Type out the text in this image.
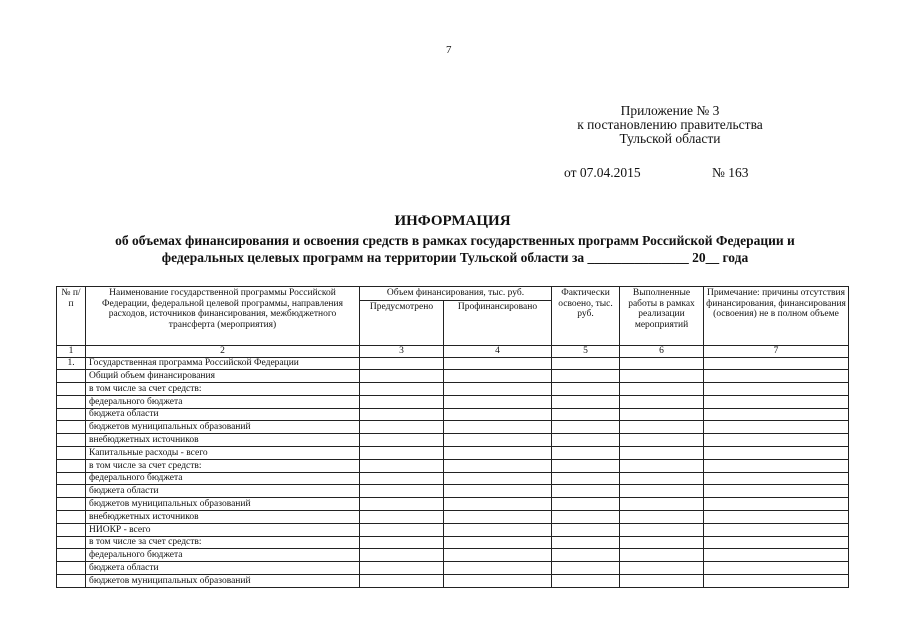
7
Приложение № 3
к постановлению правительства
Тульской области
от 07.04.2015	№ 163
ИНФОРМАЦИЯ
об объемах финансирования и освоения средств в рамках государственных программ Российской Федерации и
федеральных целевых программ на территории Тульской области за _______________ 20__ года
№ п/п	Наименование государственной программы Российской Федерации, федеральной целевой программы, направления расходов, источников финансирования, межбюджетного трансферта (мероприятия)	Объем финансирования, тыс. руб.		Фактически освоено, тыс. руб.	Выполненные работы в рамках реализации мероприятий	Примечание: причины отсутствия финансирования, финансирования (освоения) не в полном объеме
		Предусмотрено	Профинансировано			
1	2	3	4	5	6	7
1.	Государственная программа Российской Федерации					
	Общий объем финансирования					
	в том числе за счет средств:					
	федерального бюджета					
	бюджета области					
	бюджетов муниципальных образований					
	внебюджетных источников					
	Капитальные расходы - всего					
	в том числе за счет средств:					
	федерального бюджета					
	бюджета области					
	бюджетов муниципальных образований					
	внебюджетных источников					
	НИОКР - всего					
	в том числе за счет средств:					
	федерального бюджета					
	бюджета области					
	бюджетов муниципальных образований					
